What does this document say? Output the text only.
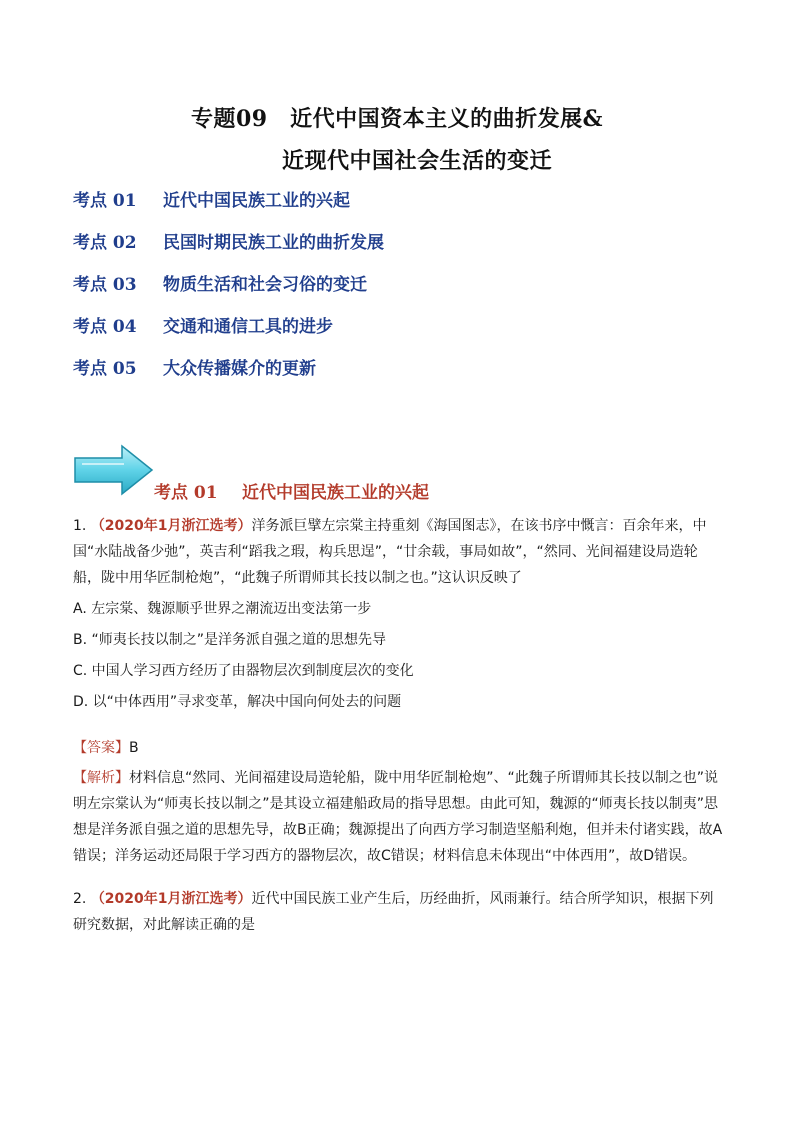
专题09　近代中国资本主义的曲折发展&
近现代中国社会生活的变迁
考点 01	近代中国民族工业的兴起
考点 02	民国时期民族工业的曲折发展
考点 03	物质生活和社会习俗的变迁
考点 04	交通和通信工具的进步
考点 05	大众传播媒介的更新
考点 01 近代中国民族工业的兴起
1. （2020年1月浙江选考）洋务派巨擘左宗棠主持重刻《海国图志》，在该书序中慨言：百余年来，中国“水陆战备少弛”，英吉利“蹈我之瑕，构兵思逞”，“廿余载，事局如故”，“然同、光间福建设局造轮船，陇中用华匠制枪炮”，“此魏子所谓师其长技以制之也。”这认识反映了
A. 左宗棠、魏源顺乎世界之潮流迈出变法第一步
B. “师夷长技以制之”是洋务派自强之道的思想先导
C. 中国人学习西方经历了由器物层次到制度层次的变化
D. 以“中体西用”寻求变革，解决中国向何处去的问题
【答案】B
【解析】材料信息“然同、光间福建设局造轮船，陇中用华匠制枪炮”、“此魏子所谓师其长技以制之也”说明左宗棠认为“师夷长技以制之”是其设立福建船政局的指导思想。由此可知，魏源的“师夷长技以制夷”思想是洋务派自强之道的思想先导，故B正确；魏源提出了向西方学习制造坚船利炮，但并未付诸实践，故A错误；洋务运动还局限于学习西方的器物层次，故C错误；材料信息未体现出“中体西用”，故D错误。
2. （2020年1月浙江选考）近代中国民族工业产生后，历经曲折，风雨兼行。结合所学知识，根据下列研究数据，对此解读正确的是
